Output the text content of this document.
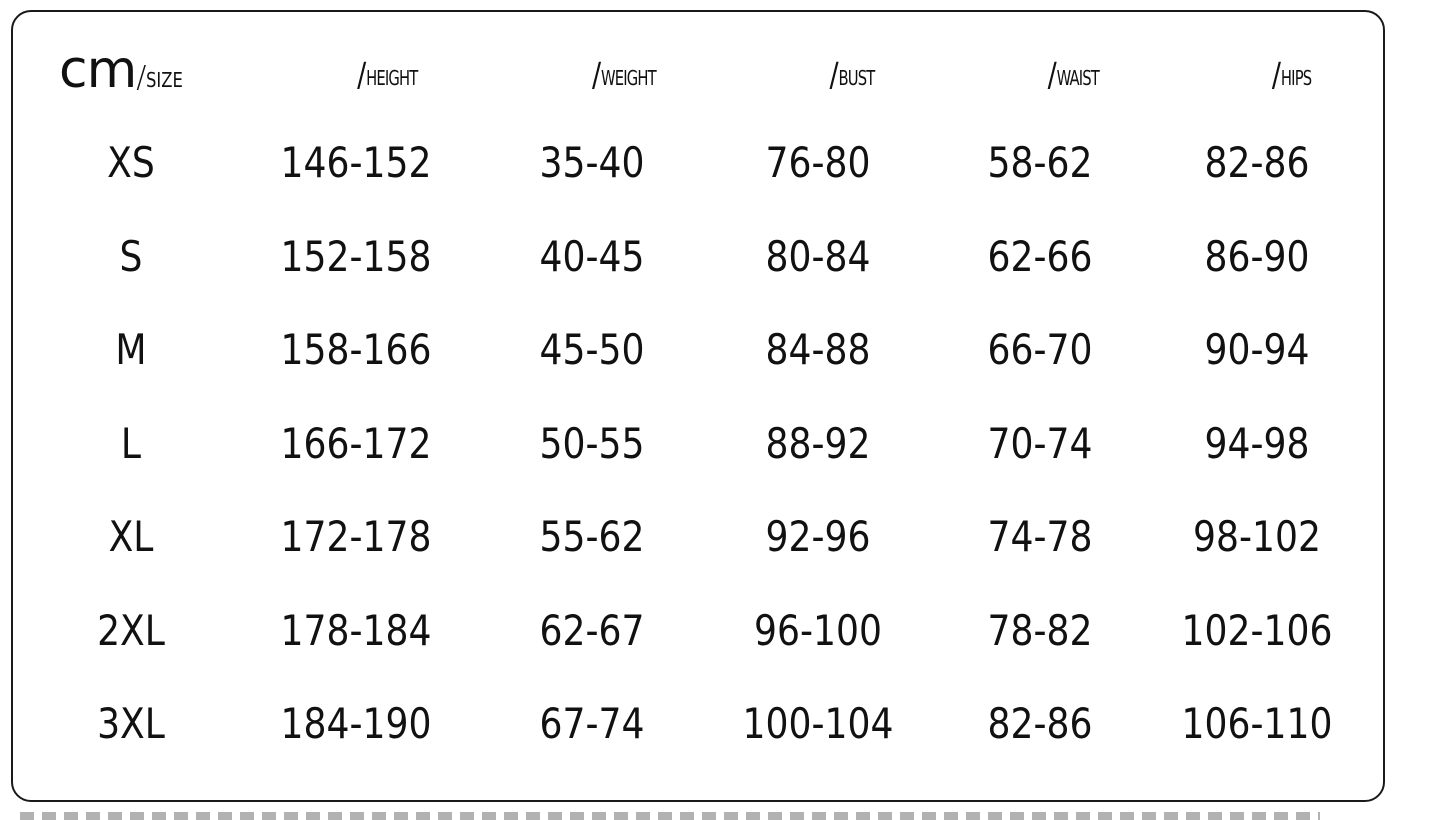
cm/SIZE	/HEIGHT	/WEIGHT	/BUST	/WAIST	/HIPS
XS	146-152	35-40	76-80	58-62	82-86
S	152-158	40-45	80-84	62-66	86-90
M	158-166	45-50	84-88	66-70	90-94
L	166-172	50-55	88-92	70-74	94-98
XL	172-178	55-62	92-96	74-78 98-102
2XL	178-184	62-67	96-100	78-82 102-106
3XL	184-190	67-74 100-104 82-86 106-110
